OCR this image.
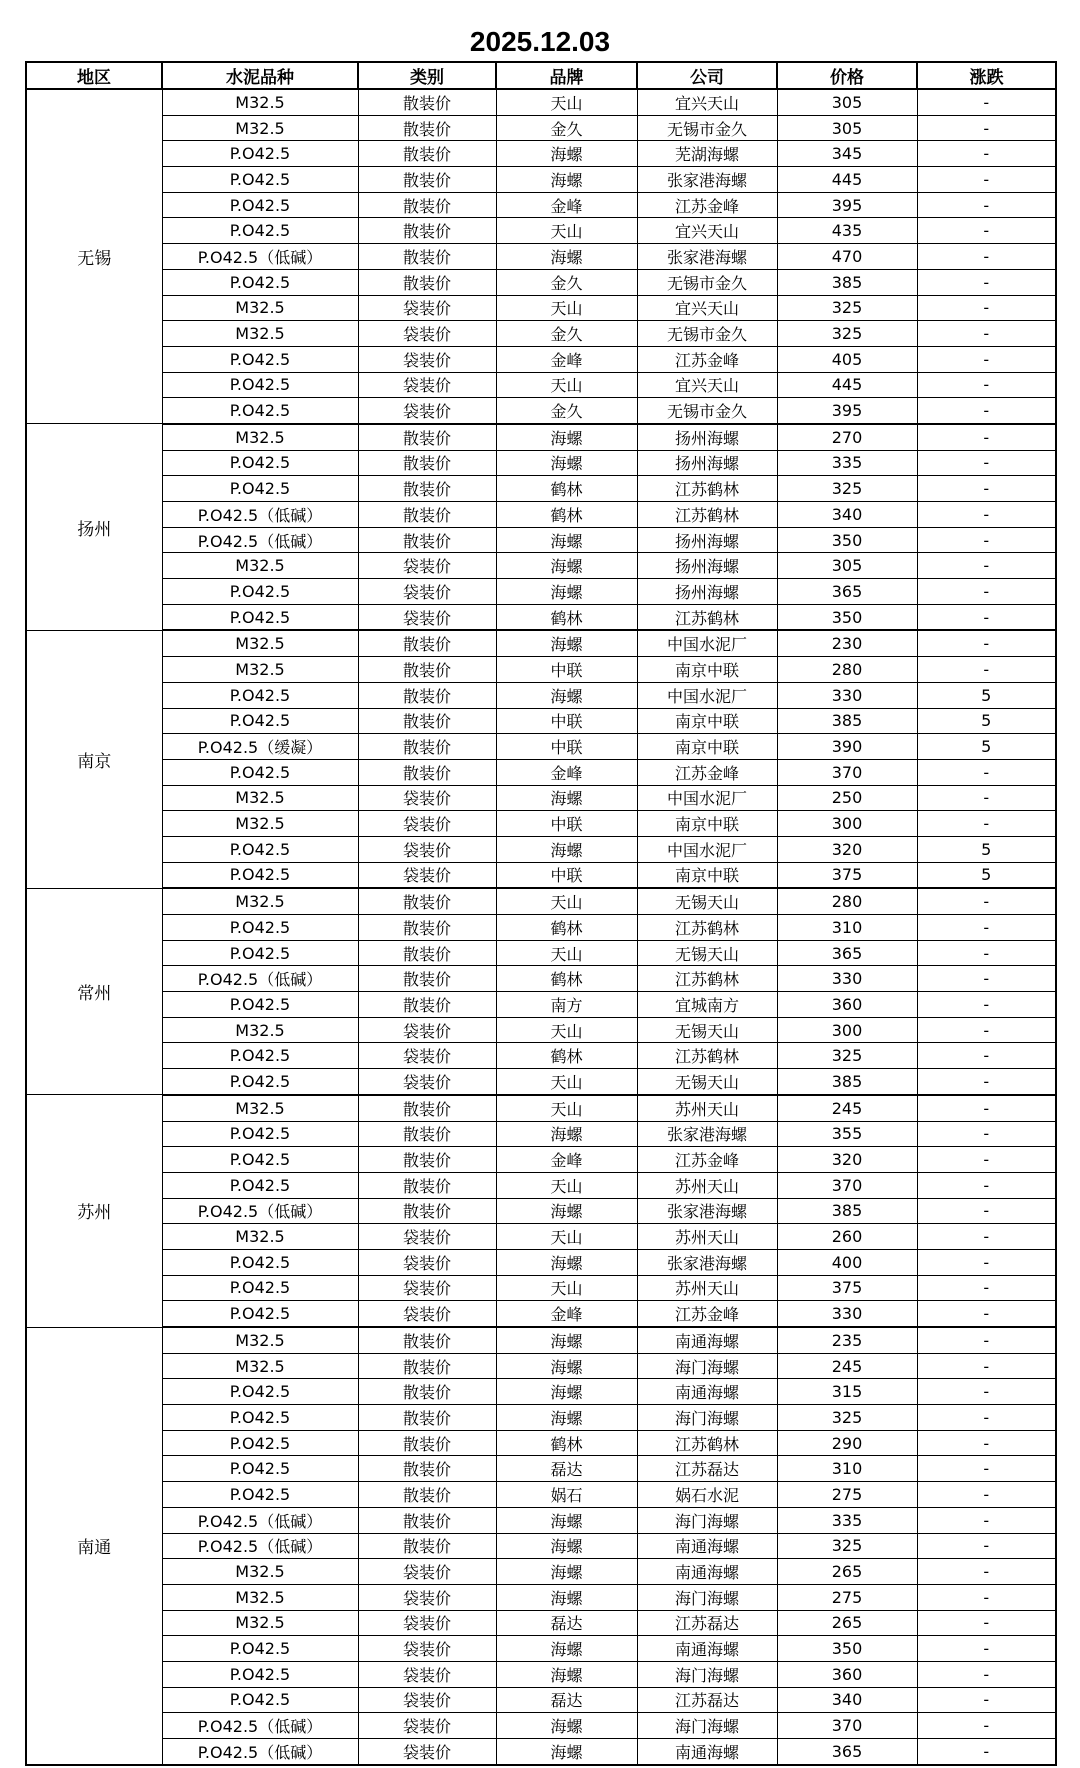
2025.12.03
地区	水泥品种	类别	品牌	公司	价格	涨跌
无锡	M32.5	散装价	天山	宜兴天山	305	-
	M32.5	散装价	金久	无锡市金久	305	-
	P.O42.5	散装价	海螺	芜湖海螺	345	-
	P.O42.5	散装价	海螺	张家港海螺	445	-
	P.O42.5	散装价	金峰	江苏金峰	395	-
	P.O42.5	散装价	天山	宜兴天山	435	-
	P.O42.5（低碱）	散装价	海螺	张家港海螺	470	-
	P.O42.5	散装价	金久	无锡市金久	385	-
	M32.5	袋装价	天山	宜兴天山	325	-
	M32.5	袋装价	金久	无锡市金久	325	-
	P.O42.5	袋装价	金峰	江苏金峰	405	-
	P.O42.5	袋装价	天山	宜兴天山	445	-
	P.O42.5	袋装价	金久	无锡市金久	395	-
扬州	M32.5	散装价	海螺	扬州海螺	270	-
	P.O42.5	散装价	海螺	扬州海螺	335	-
	P.O42.5	散装价	鹤林	江苏鹤林	325	-
	P.O42.5（低碱）	散装价	鹤林	江苏鹤林	340	-
	P.O42.5（低碱）	散装价	海螺	扬州海螺	350	-
	M32.5	袋装价	海螺	扬州海螺	305	-
	P.O42.5	袋装价	海螺	扬州海螺	365	-
	P.O42.5	袋装价	鹤林	江苏鹤林	350	-
南京	M32.5	散装价	海螺	中国水泥厂	230	-
	M32.5	散装价	中联	南京中联	280	-
	P.O42.5	散装价	海螺	中国水泥厂	330	5
	P.O42.5	散装价	中联	南京中联	385	5
	P.O42.5（缓凝）	散装价	中联	南京中联	390	5
	P.O42.5	散装价	金峰	江苏金峰	370	-
	M32.5	袋装价	海螺	中国水泥厂	250	-
	M32.5	袋装价	中联	南京中联	300	-
	P.O42.5	袋装价	海螺	中国水泥厂	320	5
	P.O42.5	袋装价	中联	南京中联	375	5
常州	M32.5	散装价	天山	无锡天山	280	-
	P.O42.5	散装价	鹤林	江苏鹤林	310	-
	P.O42.5	散装价	天山	无锡天山	365	-
	P.O42.5（低碱）	散装价	鹤林	江苏鹤林	330	-
	P.O42.5	散装价	南方	宜城南方	360	-
	M32.5	袋装价	天山	无锡天山	300	-
	P.O42.5	袋装价	鹤林	江苏鹤林	325	-
	P.O42.5	袋装价	天山	无锡天山	385	-
苏州	M32.5	散装价	天山	苏州天山	245	-
	P.O42.5	散装价	海螺	张家港海螺	355	-
	P.O42.5	散装价	金峰	江苏金峰	320	-
	P.O42.5	散装价	天山	苏州天山	370	-
	P.O42.5（低碱）	散装价	海螺	张家港海螺	385	-
	M32.5	袋装价	天山	苏州天山	260	-
	P.O42.5	袋装价	海螺	张家港海螺	400	-
	P.O42.5	袋装价	天山	苏州天山	375	-
	P.O42.5	袋装价	金峰	江苏金峰	330	-
南通	M32.5	散装价	海螺	南通海螺	235	-
	M32.5	散装价	海螺	海门海螺	245	-
	P.O42.5	散装价	海螺	南通海螺	315	-
	P.O42.5	散装价	海螺	海门海螺	325	-
	P.O42.5	散装价	鹤林	江苏鹤林	290	-
	P.O42.5	散装价	磊达	江苏磊达	310	-
	P.O42.5	散装价	娲石	娲石水泥	275	-
	P.O42.5（低碱）	散装价	海螺	海门海螺	335	-
	P.O42.5（低碱）	散装价	海螺	南通海螺	325	-
	M32.5	袋装价	海螺	南通海螺	265	-
	M32.5	袋装价	海螺	海门海螺	275	-
	M32.5	袋装价	磊达	江苏磊达	265	-
	P.O42.5	袋装价	海螺	南通海螺	350	-
	P.O42.5	袋装价	海螺	海门海螺	360	-
	P.O42.5	袋装价	磊达	江苏磊达	340	-
	P.O42.5（低碱）	袋装价	海螺	海门海螺	370	-
	P.O42.5（低碱）	袋装价	海螺	南通海螺	365	-
